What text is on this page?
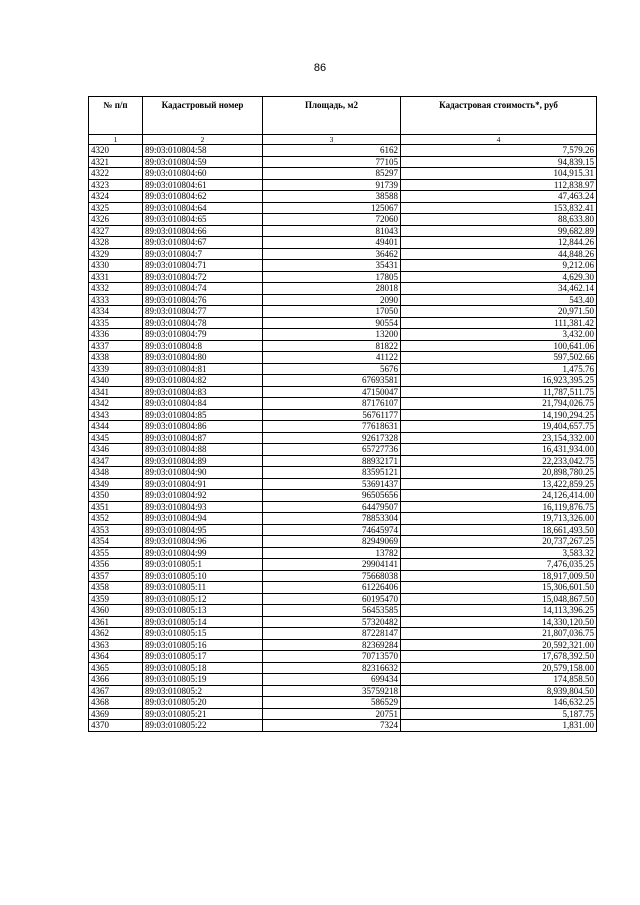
86
№ п/п	Кадастровый номер	Площадь, м2	Кадастровая стоимость*, руб
1	2	3	4
4320	89:03:010804:58	6162	7,579.26
4321	89:03:010804:59	77105	94,839.15
4322	89:03:010804:60	85297	104,915.31
4323	89:03:010804:61	91739	112,838.97
4324	89:03:010804:62	38588	47,463.24
4325	89:03:010804:64	125067	153,832.41
4326	89:03:010804:65	72060	88,633.80
4327	89:03:010804:66	81043	99,682.89
4328	89:03:010804:67	49401	12,844.26
4329	89:03:010804:7	36462	44,848.26
4330	89:03:010804:71	35431	9,212.06
4331	89:03:010804:72	17805	4,629.30
4332	89:03:010804:74	28018	34,462.14
4333	89:03:010804:76	2090	543.40
4334	89:03:010804:77	17050	20,971.50
4335	89:03:010804:78	90554	111,381.42
4336	89:03:010804:79	13200	3,432.00
4337	89:03:010804:8	81822	100,641.06
4338	89:03:010804:80	41122	597,502.66
4339	89:03:010804:81	5676	1,475.76
4340	89:03:010804:82	67693581	16,923,395.25
4341	89:03:010804:83	47150047	11,787,511.75
4342	89:03:010804:84	87176107	21,794,026.75
4343	89:03:010804:85	56761177	14,190,294.25
4344	89:03:010804:86	77618631	19,404,657.75
4345	89:03:010804:87	92617328	23,154,332.00
4346	89:03:010804:88	65727736	16,431,934.00
4347	89:03:010804:89	88932171	22,233,042.75
4348	89:03:010804:90	83595121	20,898,780.25
4349	89:03:010804:91	53691437	13,422,859.25
4350	89:03:010804:92	96505656	24,126,414.00
4351	89:03:010804:93	64479507	16,119,876.75
4352	89:03:010804:94	78853304	19,713,326.00
4353	89:03:010804:95	74645974	18,661,493.50
4354	89:03:010804:96	82949069	20,737,267.25
4355	89:03:010804:99	13782	3,583.32
4356	89:03:010805:1	29904141	7,476,035.25
4357	89:03:010805:10	75668038	18,917,009.50
4358	89:03:010805:11	61226406	15,306,601.50
4359	89:03:010805:12	60195470	15,048,867.50
4360	89:03:010805:13	56453585	14,113,396.25
4361	89:03:010805:14	57320482	14,330,120.50
4362	89:03:010805:15	87228147	21,807,036.75
4363	89:03:010805:16	82369284	20,592,321.00
4364	89:03:010805:17	70713570	17,678,392.50
4365	89:03:010805:18	82316632	20,579,158.00
4366	89:03:010805:19	699434	174,858.50
4367	89:03:010805:2	35759218	8,939,804.50
4368	89:03:010805:20	586529	146,632.25
4369	89:03:010805:21	20751	5,187.75
4370	89:03:010805:22	7324	1,831.00
